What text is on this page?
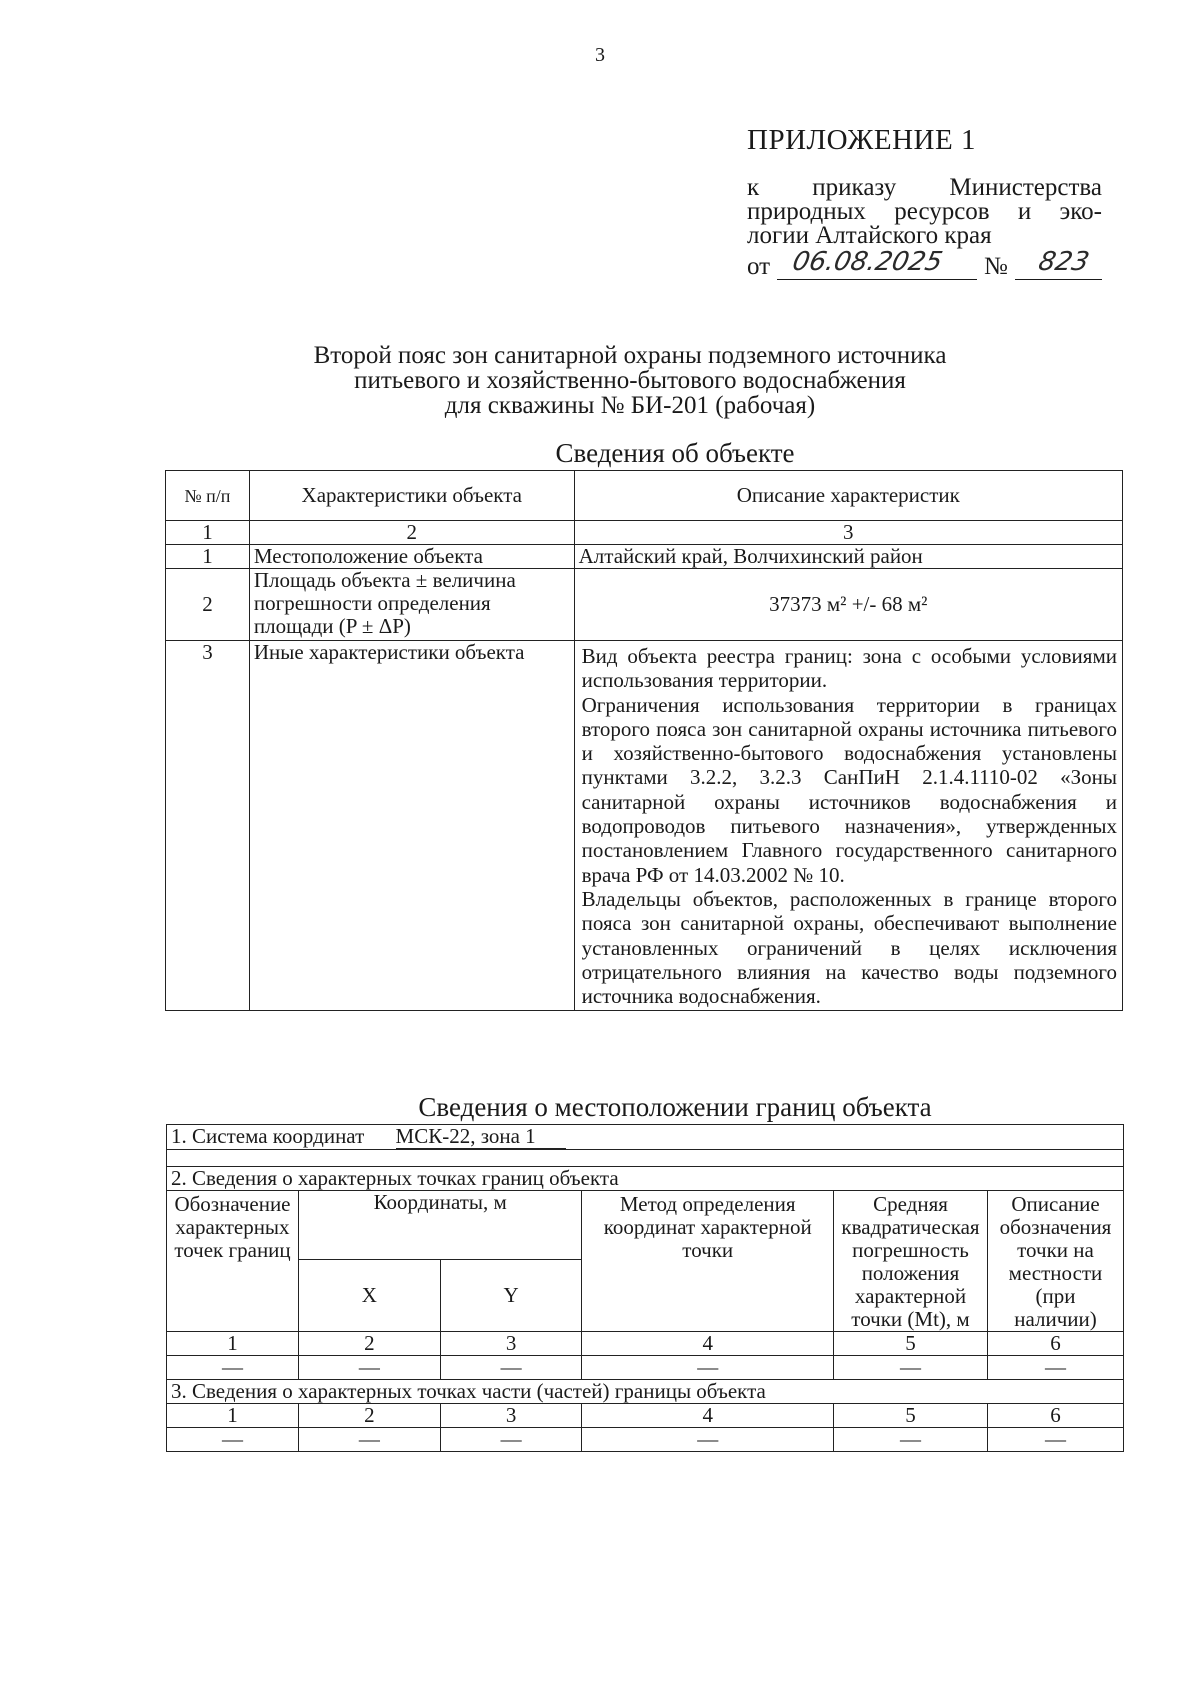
3
ПРИЛОЖЕНИЕ 1
к приказу Министерства
природных ресурсов и эко-
логии Алтайского края
от 06.08.2025 № 823
Второй пояс зон санитарной охраны подземного источника
питьевого и хозяйственно-бытового водоснабжения
для скважины № БИ-201 (рабочая)
Сведения об объекте
№ п/п	Характеристики объекта	Описание характеристик
1	2	3
1	Местоположение объекта	Алтайский край, Волчихинский район
2	Площадь объекта ± величина погрешности определения площади (P ± ΔP)	37373 м² +/- 68 м²
3	Иные характеристики объекта	Вид объекта реестра границ: зона с особыми условиями использования территории.

Ограничения использования территории в границах второго пояса зон санитарной охраны источника питьевого и хозяйственно-бытового водоснабжения установлены пунктами 3.2.2, 3.2.3 СанПиН 2.1.4.1110-02 «Зоны санитарной охраны источников водоснабжения и водопроводов питьевого назначения», утвержденных постановлением Главного государственного санитарного врача РФ от 14.03.2002 № 10.

Владельцы объектов, расположенных в границе второго пояса зон санитарной охраны, обеспечивают выполнение установленных ограничений в целях исключения отрицательного влияния на качество воды подземного источника водоснабжения.

Сведения о местоположении границ объекта
1. Система координат МСК-22, зона 1					

2. Сведения о характерных точках границ объекта					
Обозначение характерных точек границ	Координаты, м		Метод определения координат характерной точки	Средняя квадратическая погрешность положения характерной точки (Mt), м	Описание обозначения точки на местности (при наличии)
	X	Y			
1	2	3	4	5	6
—	—	—	—	—	—
3. Сведения о характерных точках части (частей) границы объекта					
1	2	3	4	5	6
—	—	—	—	—	—
